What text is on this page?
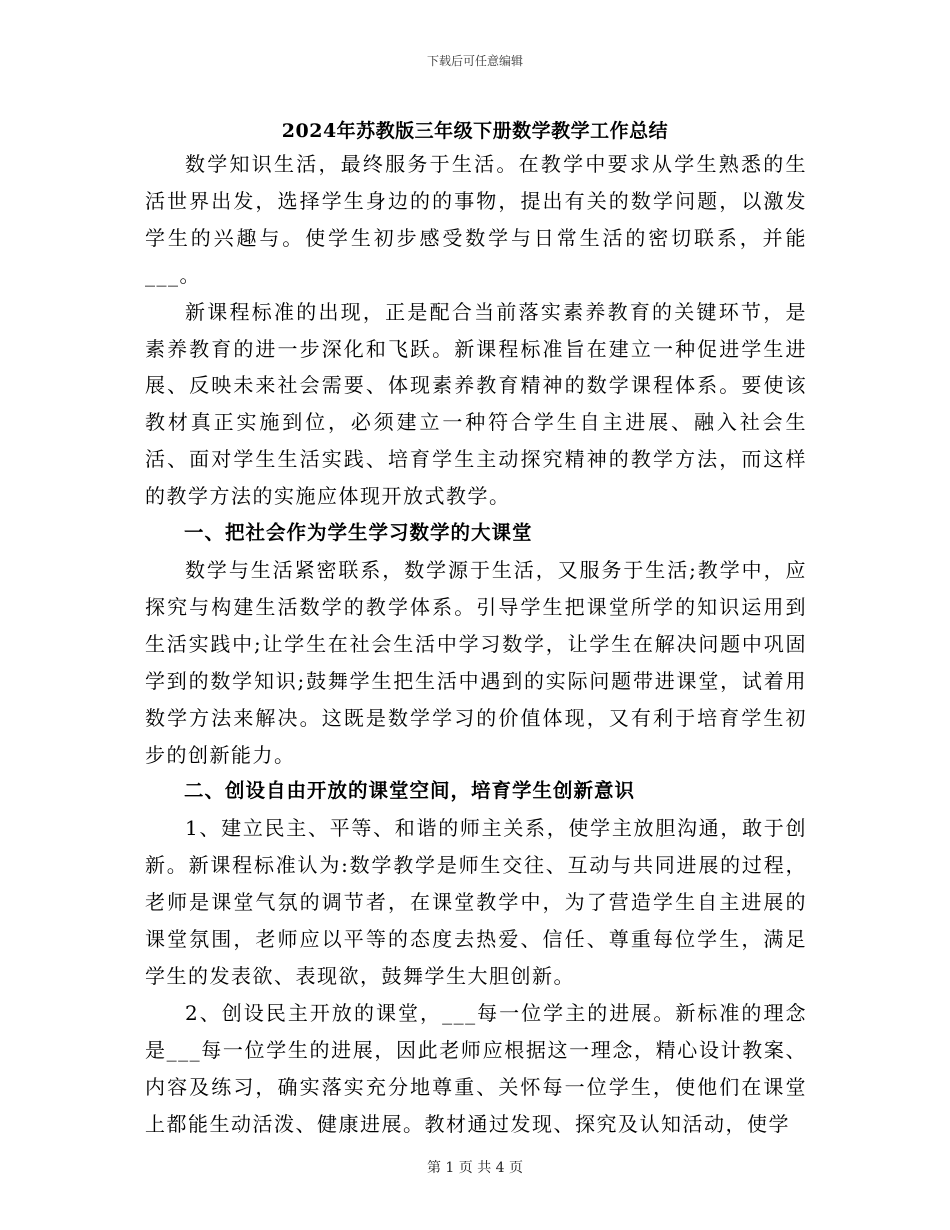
下载后可任意编辑
2024年苏教版三年级下册数学教学工作总结

数学知识生活，最终服务于生活。在教学中要求从学生熟悉的生活世界出发，选择学生身边的的事物，提出有关的数学问题，以激发学生的兴趣与。使学生初步感受数学与日常生活的密切联系，并能___。

新课程标准的出现，正是配合当前落实素养教育的关键环节，是素养教育的进一步深化和飞跃。新课程标准旨在建立一种促进学生进展、反映未来社会需要、体现素养教育精神的数学课程体系。要使该教材真正实施到位，必须建立一种符合学生自主进展、融入社会生活、面对学生生活实践、培育学生主动探究精神的教学方法，而这样的教学方法的实施应体现开放式教学。

一、把社会作为学生学习数学的大课堂

数学与生活紧密联系，数学源于生活，又服务于生活;教学中，应探究与构建生活数学的教学体系。引导学生把课堂所学的知识运用到生活实践中;让学生在社会生活中学习数学，让学生在解决问题中巩固学到的数学知识;鼓舞学生把生活中遇到的实际问题带进课堂，试着用数学方法来解决。这既是数学学习的价值体现，又有利于培育学生初步的创新能力。

二、创设自由开放的课堂空间，培育学生创新意识

1、建立民主、平等、和谐的师主关系，使学主放胆沟通，敢于创新。新课程标准认为:数学教学是师生交往、互动与共同进展的过程，老师是课堂气氛的调节者，在课堂教学中，为了营造学生自主进展的课堂氛围，老师应以平等的态度去热爱、信任、尊重每位学生，满足学生的发表欲、表现欲，鼓舞学生大胆创新。

2、创设民主开放的课堂，___每一位学主的进展。新标准的理念是___每一位学生的进展，因此老师应根据这一理念，精心设计教案、内容及练习，确实落实充分地尊重、关怀每一位学生，使他们在课堂上都能生动活泼、健康进展。教材通过发现、探究及认知活动，使学

第 1 页 共 4 页
